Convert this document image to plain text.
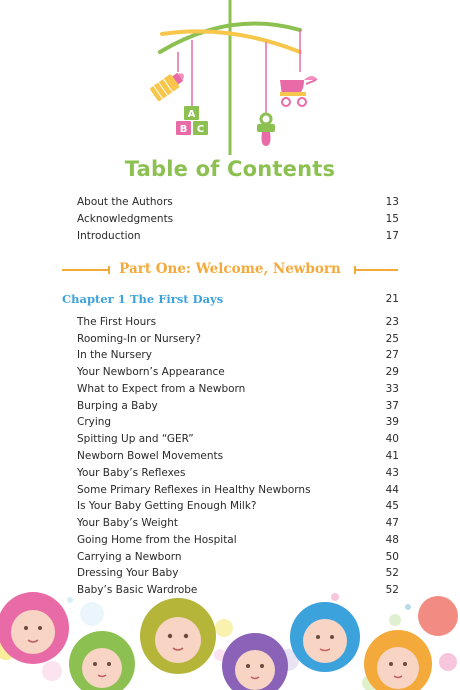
A
B C
Table of Contents
About the Authors	13
Acknowledgments	15
Introduction	17
Part One: Welcome, Newborn
Chapter 1 The First Days	21
The First Hours	23
Rooming-In or Nursery?	25
In the Nursery	27
Your Newborn’s Appearance	29
What to Expect from a Newborn	33
Burping a Baby	37
Crying	39
Spitting Up and “GER”	40
Newborn Bowel Movements	41
Your Baby’s Reflexes	43
Some Primary Reflexes in Healthy Newborns	44
Is Your Baby Getting Enough Milk?	45
Your Baby’s Weight	47
Going Home from the Hospital	48
Carrying a Newborn	50
Dressing Your Baby	52
Baby’s Basic Wardrobe	52
